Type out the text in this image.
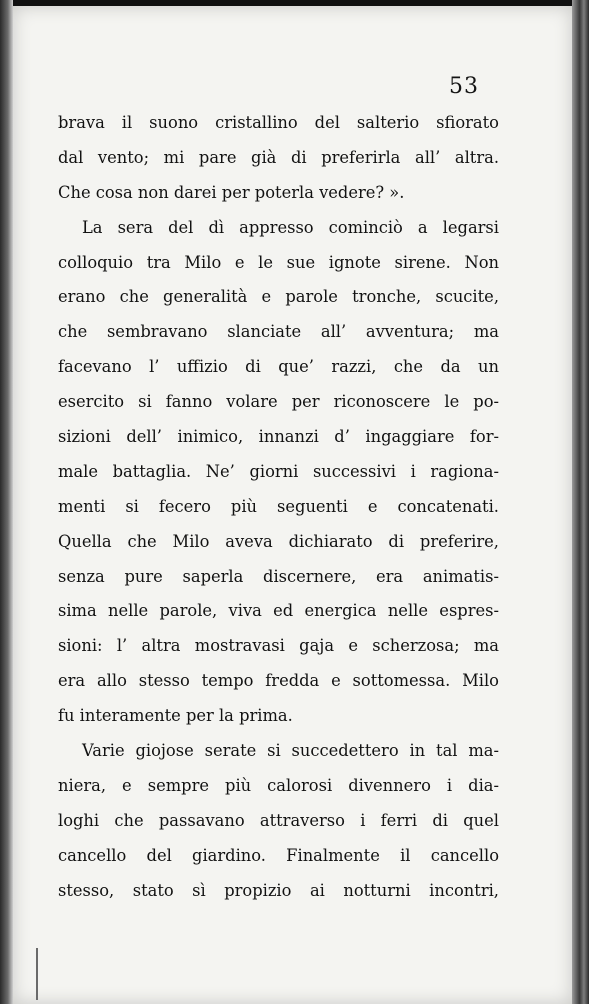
53
brava il suono cristallino del salterio sfiorato
dal vento; mi pare già di preferirla all’ altra.
Che cosa non darei per poterla vedere? ».
La sera del dì appresso cominciò a legarsi
colloquio tra Milo e le sue ignote sirene. Non
erano che generalità e parole tronche, scucite,
che sembravano slanciate all’ avventura; ma
facevano l’ uffizio di que’ razzi, che da un
esercito si fanno volare per riconoscere le po-
sizioni dell’ inimico, innanzi d’ ingaggiare for-
male battaglia. Ne’ giorni successivi i ragiona-
menti si fecero più seguenti e concatenati.
Quella che Milo aveva dichiarato di preferire,
senza pure saperla discernere, era animatis-
sima nelle parole, viva ed energica nelle espres-
sioni: l’ altra mostravasi gaja e scherzosa; ma
era allo stesso tempo fredda e sottomessa. Milo
fu interamente per la prima.
Varie giojose serate si succedettero in tal ma-
niera, e sempre più calorosi divennero i dia-
loghi che passavano attraverso i ferri di quel
cancello del giardino. Finalmente il cancello
stesso, stato sì propizio ai notturni incontri,
